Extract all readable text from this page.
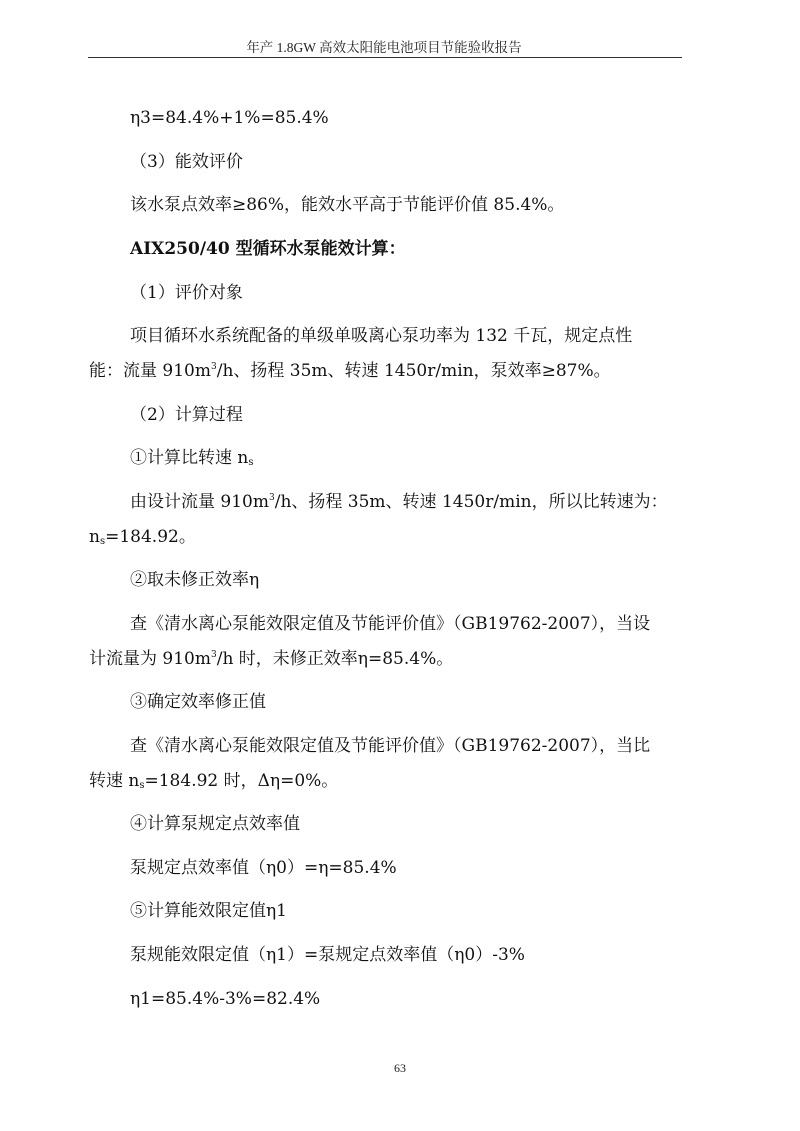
年产 1.8GW 高效太阳能电池项目节能验收报告
η3=84.4%+1%=85.4%
（3）能效评价
该水泵点效率≥86%，能效水平高于节能评价值 85.4%。
AIX250/40 型循环水泵能效计算：
（1）评价对象
项目循环水系统配备的单级单吸离心泵功率为 132 千瓦，规定点性
能：流量 $910m^3/h$、扬程 35m、转速 1450r/min，泵效率≥87%。
（2）计算过程
①计算比转速 $n_s$
由设计流量 $910m^3/h$、扬程 35m、转速 1450r/min，所以比转速为：
$n_s=184.92$。
②取未修正效率η
查《清水离心泵能效限定值及节能评价值》（GB19762-2007），当设
计流量为 $910m^3/h$ 时，未修正效率η=85.4%。
③确定效率修正值
查《清水离心泵能效限定值及节能评价值》（GB19762-2007），当比
转速 $n_s=184.92$ 时，Δη=0%。
④计算泵规定点效率值
泵规定点效率值（η0）=η=85.4%
⑤计算能效限定值η1
泵规能效限定值（η1）=泵规定点效率值（η0）-3%
η1=85.4%-3%=82.4%
63
